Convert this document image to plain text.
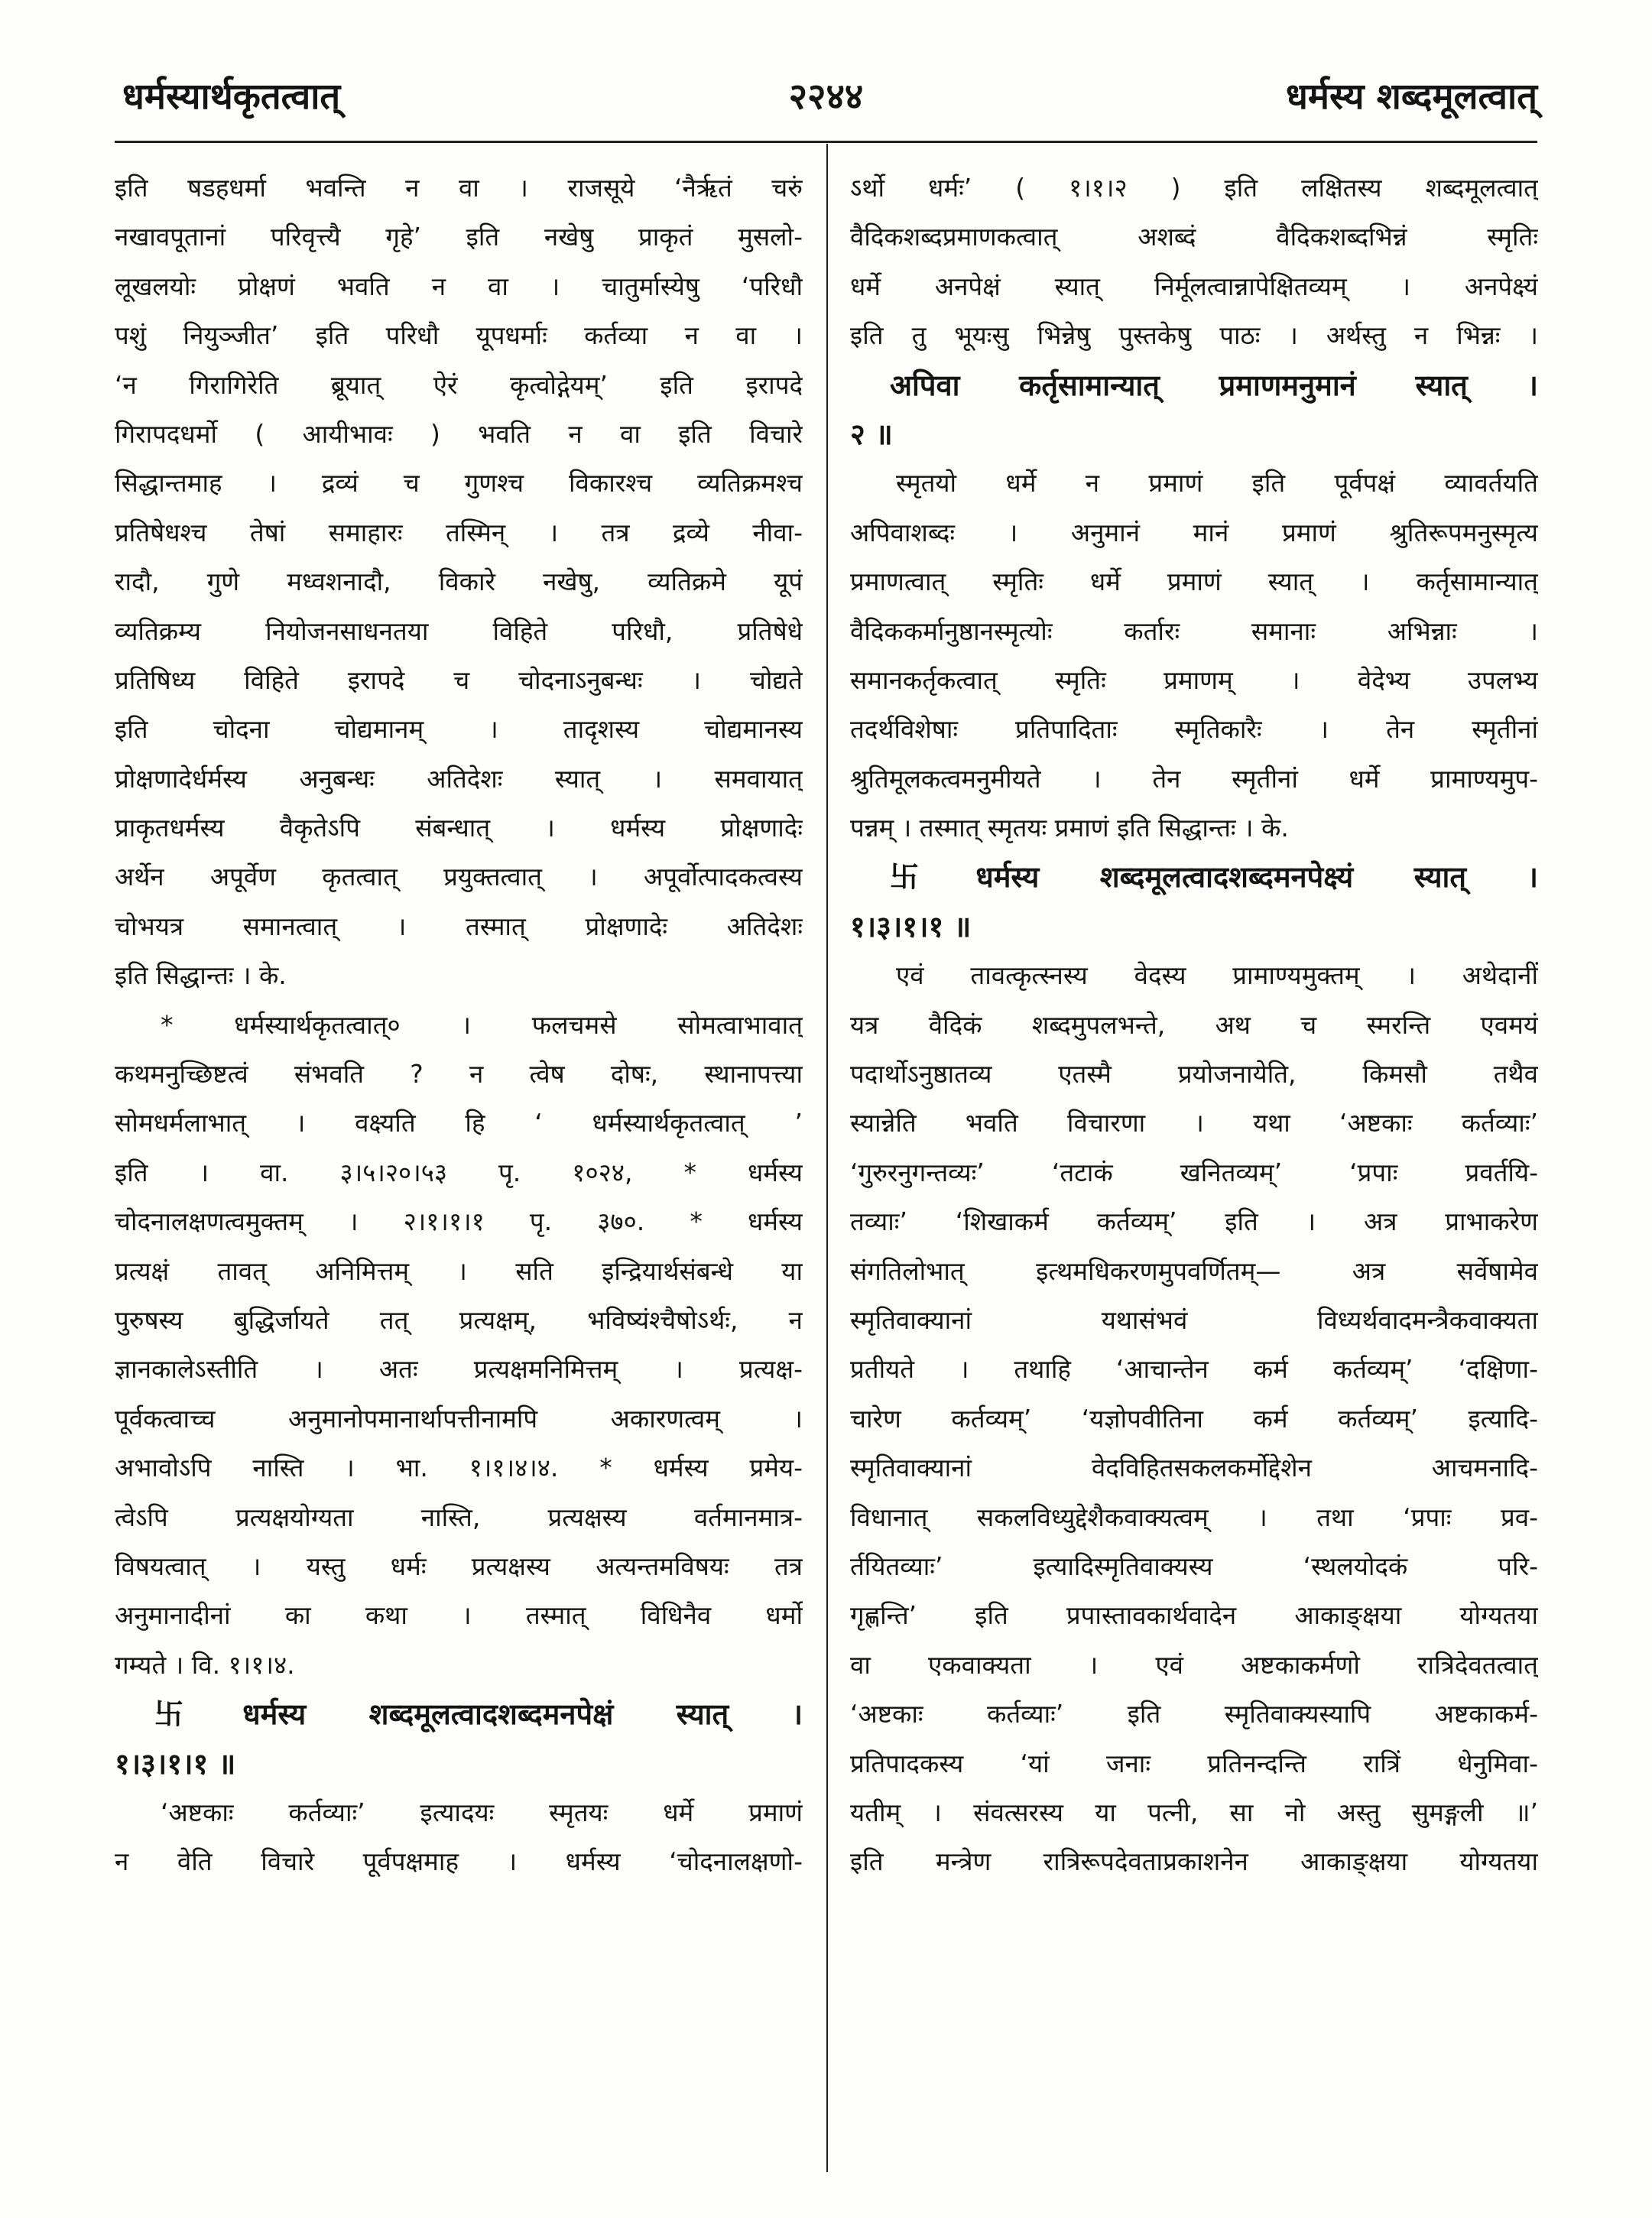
धर्मस्यार्थकृतत्वात्	२२४४	धर्मस्य शब्दमूलत्वात्
इति षडहधर्मा भवन्ति न वा । राजसूये ‘नैर्ऋतं चरुं
नखावपूतानां परिवृत्त्यै गृहे’ इति नखेषु प्राकृतं मुसलो-
लूखलयोः प्रोक्षणं भवति न वा । चातुर्मास्येषु ‘परिधौ
पशुं नियुञ्जीत’ इति परिधौ यूपधर्माः कर्तव्या न वा ।
‘न गिरागिरेति ब्रूयात् ऐरं कृत्वोद्गेयम्’ इति इरापदे
गिरापदधर्मो ( आयीभावः ) भवति न वा इति विचारे
सिद्धान्तमाह । द्रव्यं च गुणश्च विकारश्च व्यतिक्रमश्च
प्रतिषेधश्च तेषां समाहारः तस्मिन् । तत्र द्रव्ये नीवा-
रादौ, गुणे मध्वशनादौ, विकारे नखेषु, व्यतिक्रमे यूपं
व्यतिक्रम्य नियोजनसाधनतया विहिते परिधौ, प्रतिषेधे
प्रतिषिध्य विहिते इरापदे च चोदनाऽनुबन्धः । चोद्यते
इति चोदना चोद्यमानम् । तादृशस्य चोद्यमानस्य
प्रोक्षणादेर्धर्मस्य अनुबन्धः अतिदेशः स्यात् । समवायात्
प्राकृतधर्मस्य वैकृतेऽपि संबन्धात् । धर्मस्य प्रोक्षणादेः
अर्थेन अपूर्वेण कृतत्वात् प्रयुक्तत्वात् । अपूर्वोत्पादकत्वस्य
चोभयत्र समानत्वात् । तस्मात् प्रोक्षणादेः अतिदेशः
इति सिद्धान्तः । के.
* धर्मस्यार्थकृतत्वात्० । फलचमसे सोमत्वाभावात्
कथमनुच्छिष्टत्वं संभवति ? न त्वेष दोषः, स्थानापत्त्या
सोमधर्मलाभात् । वक्ष्यति हि ‘ धर्मस्यार्थकृतत्वात् ’
इति । वा. ३।५।२०।५३ पृ. १०२४, * धर्मस्य
चोदनालक्षणत्वमुक्तम् । २।१।१।१ पृ. ३७०. * धर्मस्य
प्रत्यक्षं तावत् अनिमित्तम् । सति इन्द्रियार्थसंबन्धे या
पुरुषस्य बुद्धिर्जायते तत् प्रत्यक्षम्, भविष्यंश्चैषोऽर्थः, न
ज्ञानकालेऽस्तीति । अतः प्रत्यक्षमनिमित्तम् । प्रत्यक्ष-
पूर्वकत्वाच्च अनुमानोपमानार्थापत्तीनामपि अकारणत्वम् ।
अभावोऽपि नास्ति । भा. १।१।४।४. * धर्मस्य प्रमेय-
त्वेऽपि प्रत्यक्षयोग्यता नास्ति, प्रत्यक्षस्य वर्तमानमात्र-
विषयत्वात् । यस्तु धर्मः प्रत्यक्षस्य अत्यन्तमविषयः तत्र
अनुमानादीनां का कथा । तस्मात् विधिनैव धर्मो
गम्यते । वि. १।१।४.
卐 धर्मस्य शब्दमूलत्वादशब्दमनपेक्षं स्यात् ।
१।३।१।१ ॥
‘अष्टकाः कर्तव्याः’ इत्यादयः स्मृतयः धर्मे प्रमाणं
न वेति विचारे पूर्वपक्षमाह । धर्मस्य ‘चोदनालक्षणो-
ऽर्थो धर्मः’ ( १।१।२ ) इति लक्षितस्य शब्दमूलत्वात्
वैदिकशब्दप्रमाणकत्वात् अशब्दं वैदिकशब्दभिन्नं स्मृतिः
धर्मे अनपेक्षं स्यात् निर्मूलत्वान्नापेक्षितव्यम् । अनपेक्ष्यं
इति तु भूयःसु भिन्नेषु पुस्तकेषु पाठः । अर्थस्तु न भिन्नः ।
अपिवा कर्तृसामान्यात् प्रमाणमनुमानं स्यात् ।
२ ॥
स्मृतयो धर्मे न प्रमाणं इति पूर्वपक्षं व्यावर्तयति
अपिवाशब्दः । अनुमानं मानं प्रमाणं श्रुतिरूपमनुस्मृत्य
प्रमाणत्वात् स्मृतिः धर्मे प्रमाणं स्यात् । कर्तृसामान्यात्
वैदिककर्मानुष्ठानस्मृत्योः कर्तारः समानाः अभिन्नाः ।
समानकर्तृकत्वात् स्मृतिः प्रमाणम् । वेदेभ्य उपलभ्य
तदर्थविशेषाः प्रतिपादिताः स्मृतिकारैः । तेन स्मृतीनां
श्रुतिमूलकत्वमनुमीयते । तेन स्मृतीनां धर्मे प्रामाण्यमुप-
पन्नम् । तस्मात् स्मृतयः प्रमाणं इति सिद्धान्तः । के.
卐 धर्मस्य शब्दमूलत्वादशब्दमनपेक्ष्यं स्यात् ।
१।३।१।१ ॥
एवं तावत्कृत्स्नस्य वेदस्य प्रामाण्यमुक्तम् । अथेदानीं
यत्र वैदिकं शब्दमुपलभन्ते, अथ च स्मरन्ति एवमयं
पदार्थोऽनुष्ठातव्य एतस्मै प्रयोजनायेति, किमसौ तथैव
स्यान्नेति भवति विचारणा । यथा ‘अष्टकाः कर्तव्याः’
‘गुरुरनुगन्तव्यः’ ‘तटाकं खनितव्यम्’ ‘प्रपाः प्रवर्तयि-
तव्याः’ ‘शिखाकर्म कर्तव्यम्’ इति । अत्र प्राभाकरेण
संगतिलोभात् इत्थमधिकरणमुपवर्णितम्— अत्र सर्वेषामेव
स्मृतिवाक्यानां यथासंभवं विध्यर्थवादमन्त्रैकवाक्यता
प्रतीयते । तथाहि ‘आचान्तेन कर्म कर्तव्यम्’ ‘दक्षिणा-
चारेण कर्तव्यम्’ ‘यज्ञोपवीतिना कर्म कर्तव्यम्’ इत्यादि-
स्मृतिवाक्यानां वेदविहितसकलकर्मोद्देशेन आचमनादि-
विधानात् सकलविध्युद्देशैकवाक्यत्वम् । तथा ‘प्रपाः प्रव-
र्तयितव्याः’ इत्यादिस्मृतिवाक्यस्य ‘स्थलयोदकं परि-
गृह्णन्ति’ इति प्रपास्तावकार्थवादेन आकाङ्क्षया योग्यतया
वा एकवाक्यता । एवं अष्टकाकर्मणो रात्रिदेवतत्वात्
‘अष्टकाः कर्तव्याः’ इति स्मृतिवाक्यस्यापि अष्टकाकर्म-
प्रतिपादकस्य ‘यां जनाः प्रतिनन्दन्ति रात्रिं धेनुमिवा-
यतीम् । संवत्सरस्य या पत्नी, सा नो अस्तु सुमङ्गली ॥’
इति मन्त्रेण रात्रिरूपदेवताप्रकाशनेन आकाङ्क्षया योग्यतया
